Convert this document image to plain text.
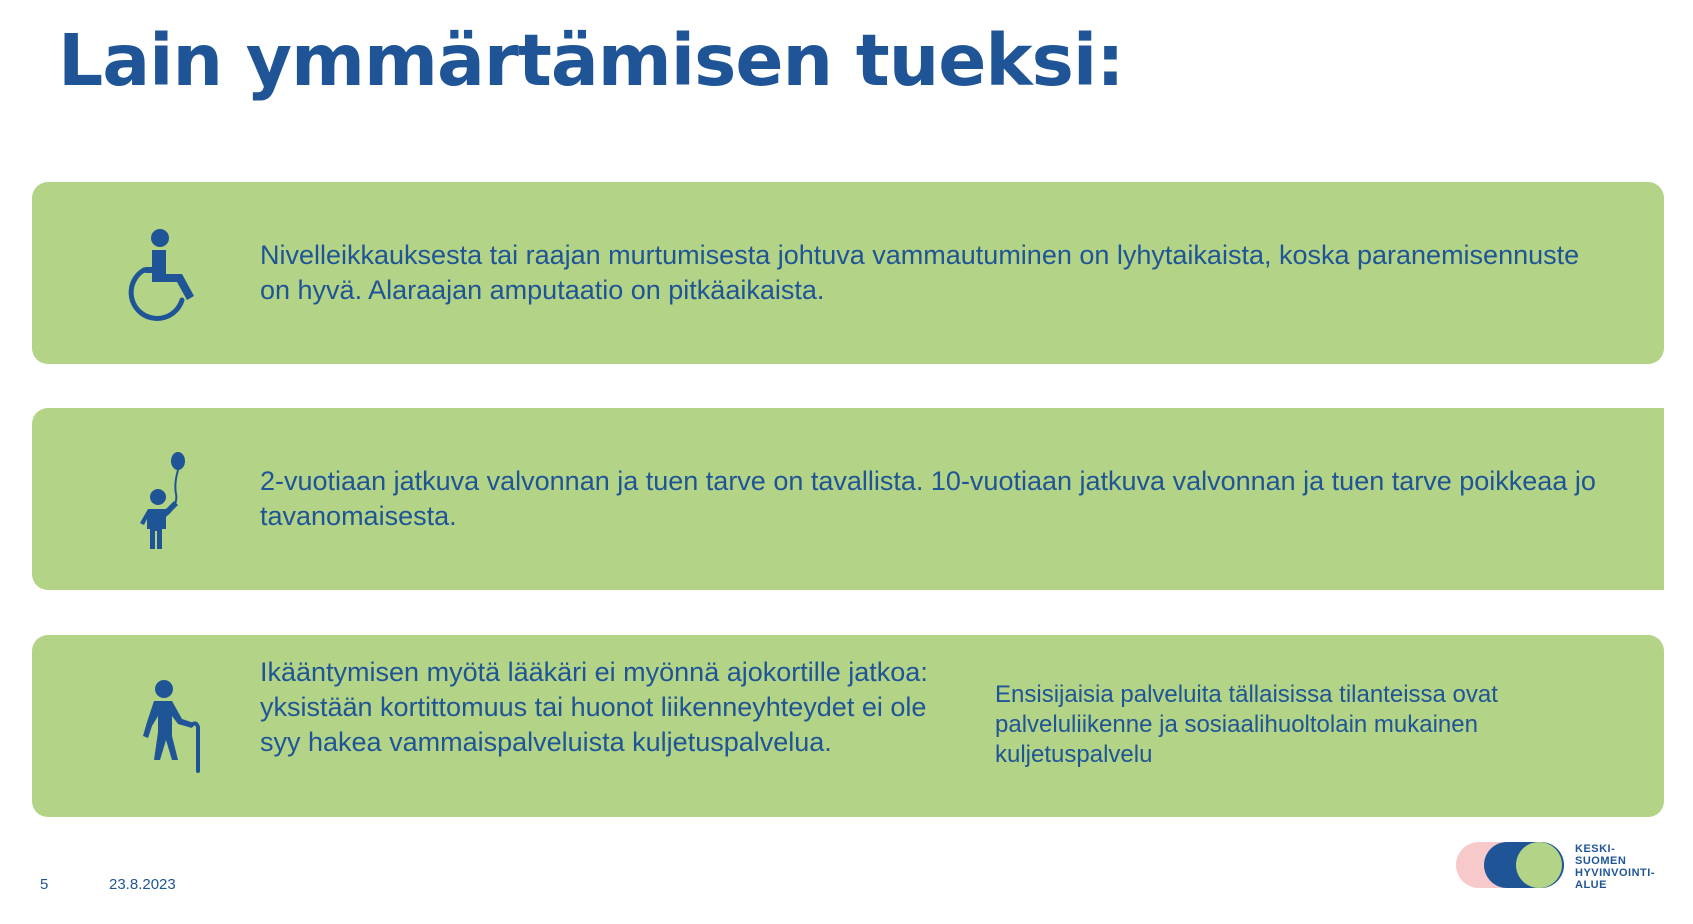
Lain ymmärtämisen tueksi:
Nivelleikkauksesta tai raajan murtumisesta johtuva vammautuminen on lyhytaikaista, koska paranemisennuste on hyvä. Alaraajan amputaatio on pitkäaikaista.
2-vuotiaan jatkuva valvonnan ja tuen tarve on tavallista. 10-vuotiaan jatkuva valvonnan ja tuen tarve poikkeaa jo tavanomaisesta.
Ikääntymisen myötä lääkäri ei myönnä ajokortille jatkoa: yksistään kortittomuus tai huonot liikenneyhteydet ei ole syy hakea vammaispalveluista kuljetuspalvelua.
Ensisijaisia palveluita tällaisissa tilanteissa ovat palveluliikenne ja sosiaalihuoltolain mukainen kuljetuspalvelu
5	23.8.2023
KESKI-
SUOMEN
HYVINVOINTI-
ALUE
